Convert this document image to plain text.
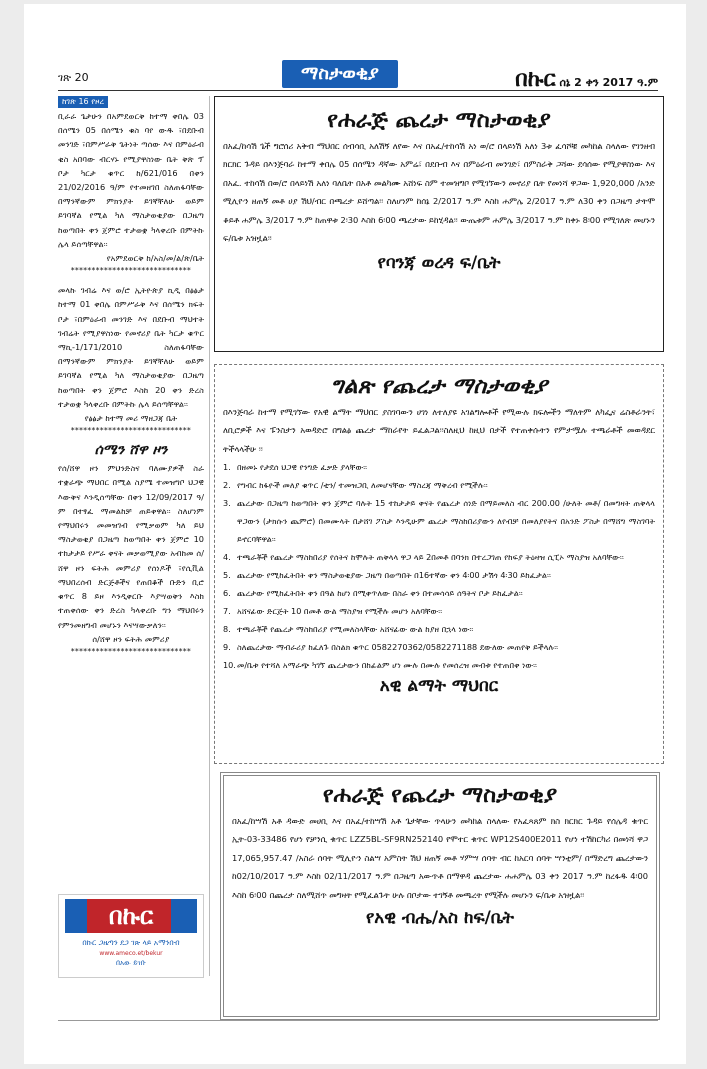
ገጽ 20	ማስታወቂያ	በኩር ሰኔ 2 ቀን 2017 ዓ.ም
ከገጽ 16 የዞረ

ቢራራ ጌታሁን በአምደወርቅ ከተማ ቀበሌ 03 በሰሜን 05 በሰሜን ቁስ ባየ ውዱ ፣በደቡብ መንገድ ፣በምሥራቅ ጌትነት ጣሰው እና በምዕራብ ቂስ አበባው ብርሃኑ የሚያዋስነው ቤት ቅጽ ፕ ቦታ ካርታ ቁጥር ከ/621/016 በቀን 21/02/2016 ዓ/ም የተመዘገበ ስለጠፋባቸው በማንኛውም ምክንያት ይገኛቸለሁ ወይም ይገባኛል የሚል ካለ ማስታወቂያው በጋዜጣ ከወጣበት ቀን ጀምሮ ተታወቋ ካላቀረቡ በምትኩ ሌላ ይሰጣቸዋል፡፡

የአምደወርቅ ከ/አስ/መ/ል/ጽ/ቤት

*****************************

መላኩ ገብሬ እና ወ/ሮ ኢትዮጵያ ኪዲ በፅፅታ ከተማ 01 ቀበሌ በምሥራቅ እና በሰሜን ክፍት ቦታ ፣በምዕራብ መንገድ እና በደቡብ ማህተት ገብሬት የሚያዋስነው የመኖሪያ ቤት ካርታ ቁጥር ማኪ-1/171/2010 ስለጠፋባቸው በማንኛውም ምክንያት ይገኛቸለሁ ወይም ይገባኛል የሚል ካለ ማስታወቂያው በጋዜጣ ከወጣበት ቀን ጀምሮ እስከ 20 ቀን ድረስ ተታወቋ ካላቀረቡ በምትኩ ሌላ ይሰጣቸዋል፡፡

የፅፅታ ከተማ መሪ ማዘጋጃ ቤት

*****************************
ሰሜን ሸዋ ዞን

የሰ/ሸዋ ዞን ምህንድስና ባለሙያዎች ስራ ተቋራጭ ማህበር በሚል ስያሜ ተመዝግቦ ህጋዊ እውቅና እንዲሰጣቸው በቀን 12/09/2017 ዓ/ም በተፃፈ ማመልከቻ ጠይቀዋል፡፡ ስለሆነም የማህበሩን መመዝገብ የሚቃወም ካለ ይህ ማስታወቂያ በጋዜጣ ከወጣበት ቀን ጀምሮ 10 ተከታታይ የሥራ ቀናት መቃወሚያው አብከመ ሰ/ሸዋ ዞን ፍትሕ መምሪያ የሰነዶች ፣የሲቪል ማህበረሰብ ድርጅቶችና የጠበቆች ቡድን ቢሮ ቁጥር 8 ይዞ እንዲቀርቡ እያሣወቅን እስከ ተጠቀሰው ቀን ድረስ ካላቀረቡ ግን ማህበሩን የምንመዘግብ መሆኑን እናሣውቃለን፡፡

ሰ/ሸዋ ዞን ፍትሕ መምሪያ

*****************************
በኩር
በኩር ጋዜጣን ደጋ ገጽ ላይ አማንበብ
www.ameco.et/bekur
በአው ይገቡ
የሐራጅ ጨረታ ማስታወቂያ
በአፈ/ከሳሽ ጌች ግሮሰሪ አቅብ ማህበር ሰብሳቢ አለሽኝ ለየው እና በአፈ/ተከሳሽ አነ ወ/ሮ በላይነሽ አለነ 3ቱ ፈሳሾቹ መካከል ስላለው የገንዘብ ክርክር ጉዳይ በእንጅባራ ከተማ ቀበሌ 05 በሰሜን ዳኛው አምሬ፣ በደቡብ እና በምዕራብ መንገድ፣ በምስራቅ ጋሻው ደሳሰው የሚያዋስነው እና በአፈ. ተከሳሽ በወ/ሮ በላይነሽ አለነ ባለቤት በአቶ መልካሙ አሸነፍ ስም ተመዝግቦ የሚገኘውን መኖሪያ ቤት የመነሻ ዋጋው 1,920,000 /አንድ ሚሊዮን ዘጠኝ መቶ ሀያ ሽህ/ብር በጫረታ ይሸጣል፡፡ ስለሆነም ከሰኔ 2/2017 ዓ.ም እስከ ሐምሌ 2/2017 ዓ.ም ለ30 ቀን በጋዜጣ ታትሞ ቆይቶ ሐምሌ 3/2017 ዓ.ም ከጠዋቱ 2፡30 እስከ 6፡00 ጫረታው ይከሂዳል፡፡ ውጤቱም ሐምሌ 3/2017 ዓ.ም ከቀኑ 8፡00 የሚገለጽ መሆኑን ፍ/ቤቱ አዝዟል፡፡
የባንጃ ወረዳ ፍ/ቤት
ግልጽ የጨረታ ማስታወቂያ
በእንጅባራ ከተማ የሚገኘው የአዊ ልማት ማህበር ያስገባውን ሀገነ ለተለያዩ አገልግሎቶች የሚውሉ ክፍሎችን ማለትም ለካፌና ሬስቶራንት፣ ለቢሮዎች እና ፑንስታን አወዳድሮ በግልፅ ጨረታ ማከራየት ይፈልጋል፡፡ስለዚህ ከዚህ በታች የተጠቀሱትን የምታሟሉ ተጫራቶች መወዳደር ትችላላችሁ ፡፡
1. በዘመኑ የታደሰ ህጋዊ የንግድ ፈቃድ ያላቸው፡፡
2. የግብር ከፋዮች መለያ ቁጥር /ቲን/ ተመዝጋቢ ለመሆናቸው ማስረጃ ማቅረብ የሚችሉ፡፡
3. ጨረታው በጋዜጣ ከወጣበት ቀን ጀምሮ ባሉት 15 ተከታታይ ቀናት የጨረታ ሰነድ በማይመለስ ብር 200.00 /ሁለት መቶ/ በመግዛት ጠቅላላ ዋጋውን (ታክሱን ጨምሮ) በመሙላት በታሸገ ፖስታ እንዲሁም ጨረታ ማስከበሪያውን ለየብቻ በመለያየትና በአንድ ፖስታ በማሸግ ማስገባት ይኖርባቸዋል፡፡
4. ተጫራቾች የጨረታ ማስከበሪያ የሰትና ከሞሉት ጠቅላላ ዋጋ ላይ 2በመቶ በባንክ በተረጋገጠ የከፍያ ትዕዛዝ ሲፒኦ ማስያዝ አለባቸው፡፡
5. ጨረታው የሚከፈትበት ቀን ማስታወቂያው ጋዜጣ በወጣበት በ16ተኛው ቀን 4፡00 ታሽጎ 4፡30 ይከፈታል፡፡
6. ጨረታው የሚከፈትበት ቀን በዓል ከሆነ በሚቀጥለው በስራ ቀን በተመሳሳይ ሰዓትና ቦታ ይከፈታል፡፡
7. አሸናፊው ድርጅት 10 በመቶ ውል ማስያዝ የሚችሉ መሆን አለባቸው፡፡
8. ተጫራቾች የጨረታ ማስከበሪያ የሚመለስላቸው አሸናፊው ውል ከያዘ በኋላ ነው፡፡
9. ስለጨረታው ማብራሪያ ከፈለጉ በስልክ ቁጥር 0582270362/0582271188 ደውለው መጠየቅ ይችላሉ፡፡
10. መ/ቤቱ የተሻለ አማራጭ ካገኘ ጨረታውን በከፊልም ሆነ ሙሉ በሙሉ የመሰረዝ መብቱ የተጠበቀ ነው፡፡
አዊ ልማት ማህበር
የሐራጅ የጨረታ ማስታወቂያ
በአፈ/ከሣሽ አቶ ዳውድ መሀቢ እና በአፈ/ተከሣሽ አቶ ጌታቸው ጥላሁን መካከል ስላለው የአፈጻጸም ክስ ክርክር ጉዳይ የሰሌዳ ቁጥር ኢት-03-33486 የሆነ የቻንሲ ቁጥር LZZ5BL-SF9RN252140 የሞተር ቁጥር WP12S400E2011 የሆነ ተሽከርካሪ በመነሻ ዋጋ 17,065,957.47 /አስራ ሰባት ሚሊዮን ስልሣ አምስት ሽህ ዘጠኝ መቶ ሃምሣ ሰባት ብር ከአርባ ሰባት ሣንቲም/ በማድረግ ጨረታውን ከ02/10/2017 ዓ.ም እስከ 02/11/2017 ዓ.ም በጋዜጣ አውጥቶ በማዋዳ ጨረታው ሐሐምሌ 03 ቀን 2017 ዓ.ም ከረፋዱ 4፡00 እስከ 6፡00 በጨረታ ስለሚሸጥ መግዛት የሚፈልጉት ሁሉ በቦታው ተገኝቶ መጫረት የሚችሉ መሆኑን ፍ/ቤቱ አዝዟል፡፡
የአዊ ብሔ/አስ ከፍ/ቤት
